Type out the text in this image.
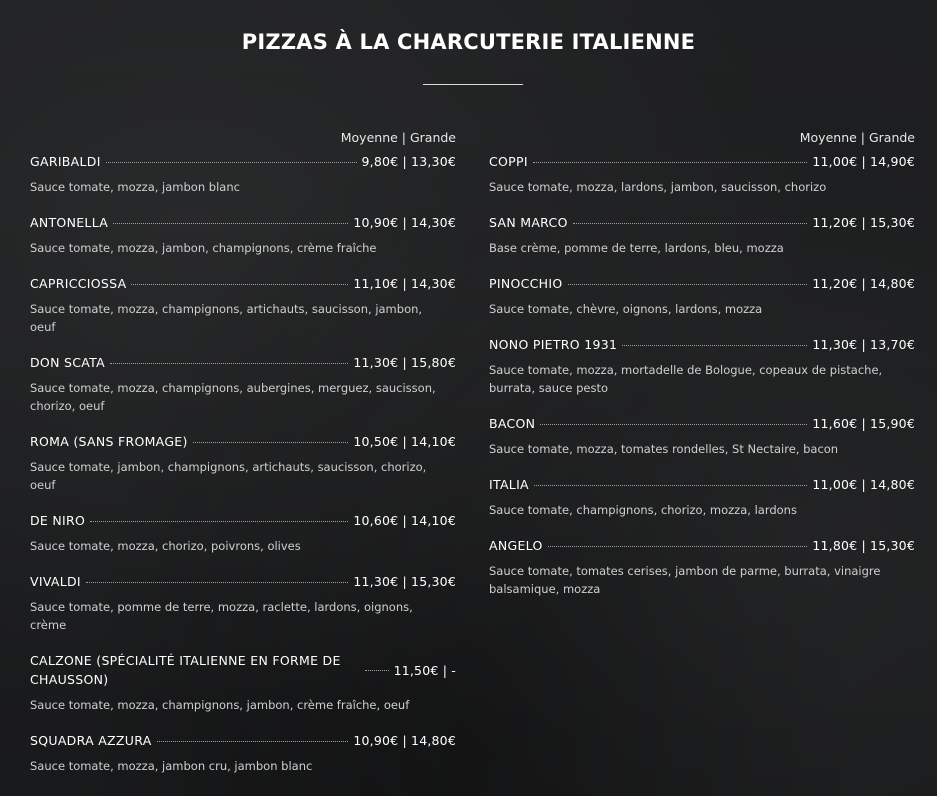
PIZZAS À LA CHARCUTERIE ITALIENNE
Moyenne | Grande
GARIBALDI	9,80€ | 13,30€
Sauce tomate, mozza, jambon blanc
ANTONELLA	10,90€ | 14,30€
Sauce tomate, mozza, jambon, champignons, crème fraîche
CAPRICCIOSSA	11,10€ | 14,30€
Sauce tomate, mozza, champignons, artichauts, saucisson, jambon, oeuf
DON SCATA	11,30€ | 15,80€
Sauce tomate, mozza, champignons, aubergines, merguez, saucisson, chorizo, oeuf
ROMA (SANS FROMAGE)	10,50€ | 14,10€
Sauce tomate, jambon, champignons, artichauts, saucisson, chorizo, oeuf
DE NIRO	10,60€ | 14,10€
Sauce tomate, mozza, chorizo, poivrons, olives
VIVALDI	11,30€ | 15,30€
Sauce tomate, pomme de terre, mozza, raclette, lardons, oignons, crème
CALZONE (SPÉCIALITÉ ITALIENNE EN FORME DE CHAUSSON)
11,50€ | -
Sauce tomate, mozza, champignons, jambon, crème fraîche, oeuf
SQUADRA AZZURA	10,90€ | 14,80€
Sauce tomate, mozza, jambon cru, jambon blanc
Moyenne | Grande
COPPI	11,00€ | 14,90€
Sauce tomate, mozza, lardons, jambon, saucisson, chorizo
SAN MARCO	11,20€ | 15,30€
Base crème, pomme de terre, lardons, bleu, mozza
PINOCCHIO	11,20€ | 14,80€
Sauce tomate, chèvre, oignons, lardons, mozza
NONO PIETRO 1931	11,30€ | 13,70€
Sauce tomate, mozza, mortadelle de Bologue, copeaux de pistache, burrata, sauce pesto
BACON	11,60€ | 15,90€
Sauce tomate, mozza, tomates rondelles, St Nectaire, bacon
ITALIA	11,00€ | 14,80€
Sauce tomate, champignons, chorizo, mozza, lardons
ANGELO	11,80€ | 15,30€
Sauce tomate, tomates cerises, jambon de parme, burrata, vinaigre balsamique, mozza
